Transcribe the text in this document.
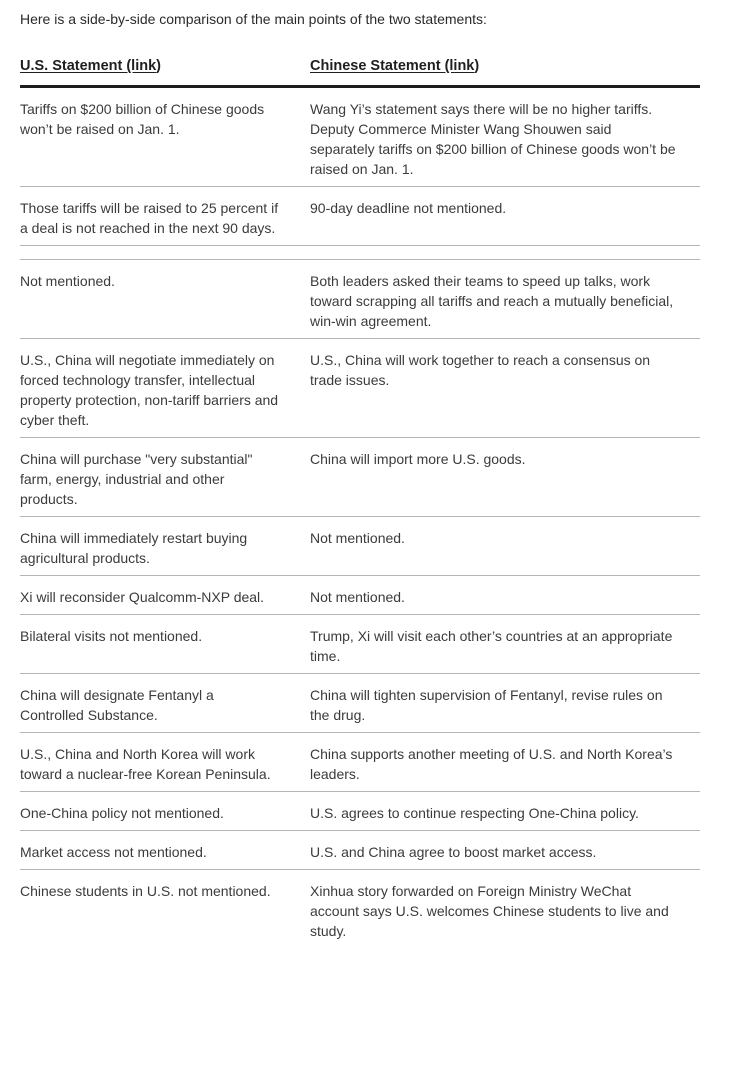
Here is a side-by-side comparison of the main points of the two statements:

U.S. Statement (link)	Chinese Statement (link)
Tariffs on $200 billion of Chinese goods won’t be raised on Jan. 1.	Wang Yi’s statement says there will be no higher tariffs. Deputy Commerce Minister Wang Shouwen said separately tariffs on $200 billion of Chinese goods won’t be raised on Jan. 1.
Those tariffs will be raised to 25 percent if a deal is not reached in the next 90 days.	90-day deadline not mentioned.

Not mentioned.	Both leaders asked their teams to speed up talks, work toward scrapping all tariffs and reach a mutually beneficial, win-win agreement.
U.S., China will negotiate immediately on forced technology transfer, intellectual property protection, non-tariff barriers and cyber theft.	U.S., China will work together to reach a consensus on trade issues.
China will purchase "very substantial" farm, energy, industrial and other products.	China will import more U.S. goods.
China will immediately restart buying agricultural products.	Not mentioned.
Xi will reconsider Qualcomm-NXP deal.	Not mentioned.
Bilateral visits not mentioned.	Trump, Xi will visit each other’s countries at an appropriate time.
China will designate Fentanyl a Controlled Substance.	China will tighten supervision of Fentanyl, revise rules on the drug.
U.S., China and North Korea will work toward a nuclear-free Korean Peninsula.	China supports another meeting of U.S. and North Korea’s leaders.
One-China policy not mentioned.	U.S. agrees to continue respecting One-China policy.
Market access not mentioned.	U.S. and China agree to boost market access.
Chinese students in U.S. not mentioned.	Xinhua story forwarded on Foreign Ministry WeChat account says U.S. welcomes Chinese students to live and study.
